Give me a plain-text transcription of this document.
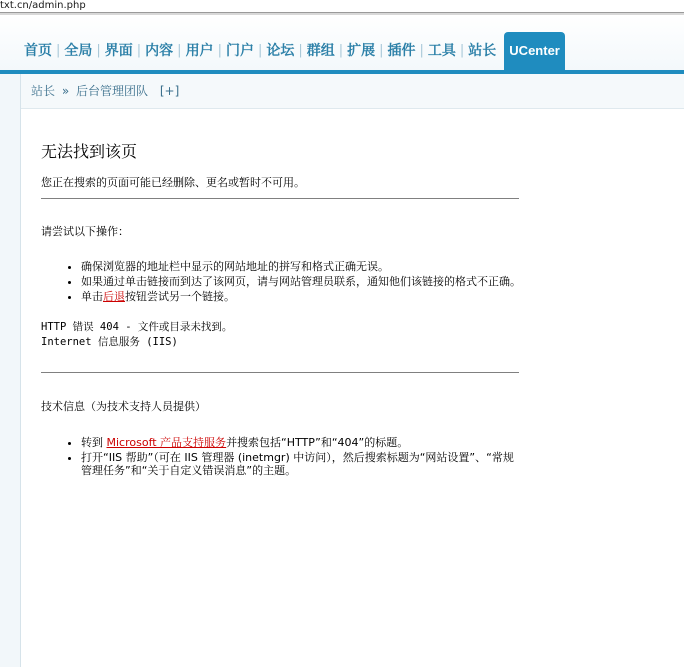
txt.cn/admin.php
首页 | 全局 | 界面 | 内容 | 用户 | 门户 | 论坛 | 群组 | 扩展 | 插件 | 工具 | 站长	UCenter
站长 » 后台管理团队 [+]
无法找到该页
您正在搜索的页面可能已经删除、更名或暂时不可用。
请尝试以下操作：
• 确保浏览器的地址栏中显示的网站地址的拼写和格式正确无误。
• 如果通过单击链接而到达了该网页，请与网站管理员联系，通知他们该链接的格式不正确。
• 单击后退按钮尝试另一个链接。
HTTP 错误 404 - 文件或目录未找到。
Internet 信息服务 (IIS)
技术信息（为技术支持人员提供）
• 转到 Microsoft 产品支持服务并搜索包括“HTTP”和“404”的标题。
• 打开“IIS 帮助”（可在 IIS 管理器 (inetmgr) 中访问），然后搜索标题为“网站设置”、“常规管理任务”和“关于自定义错误消息”的主题。
